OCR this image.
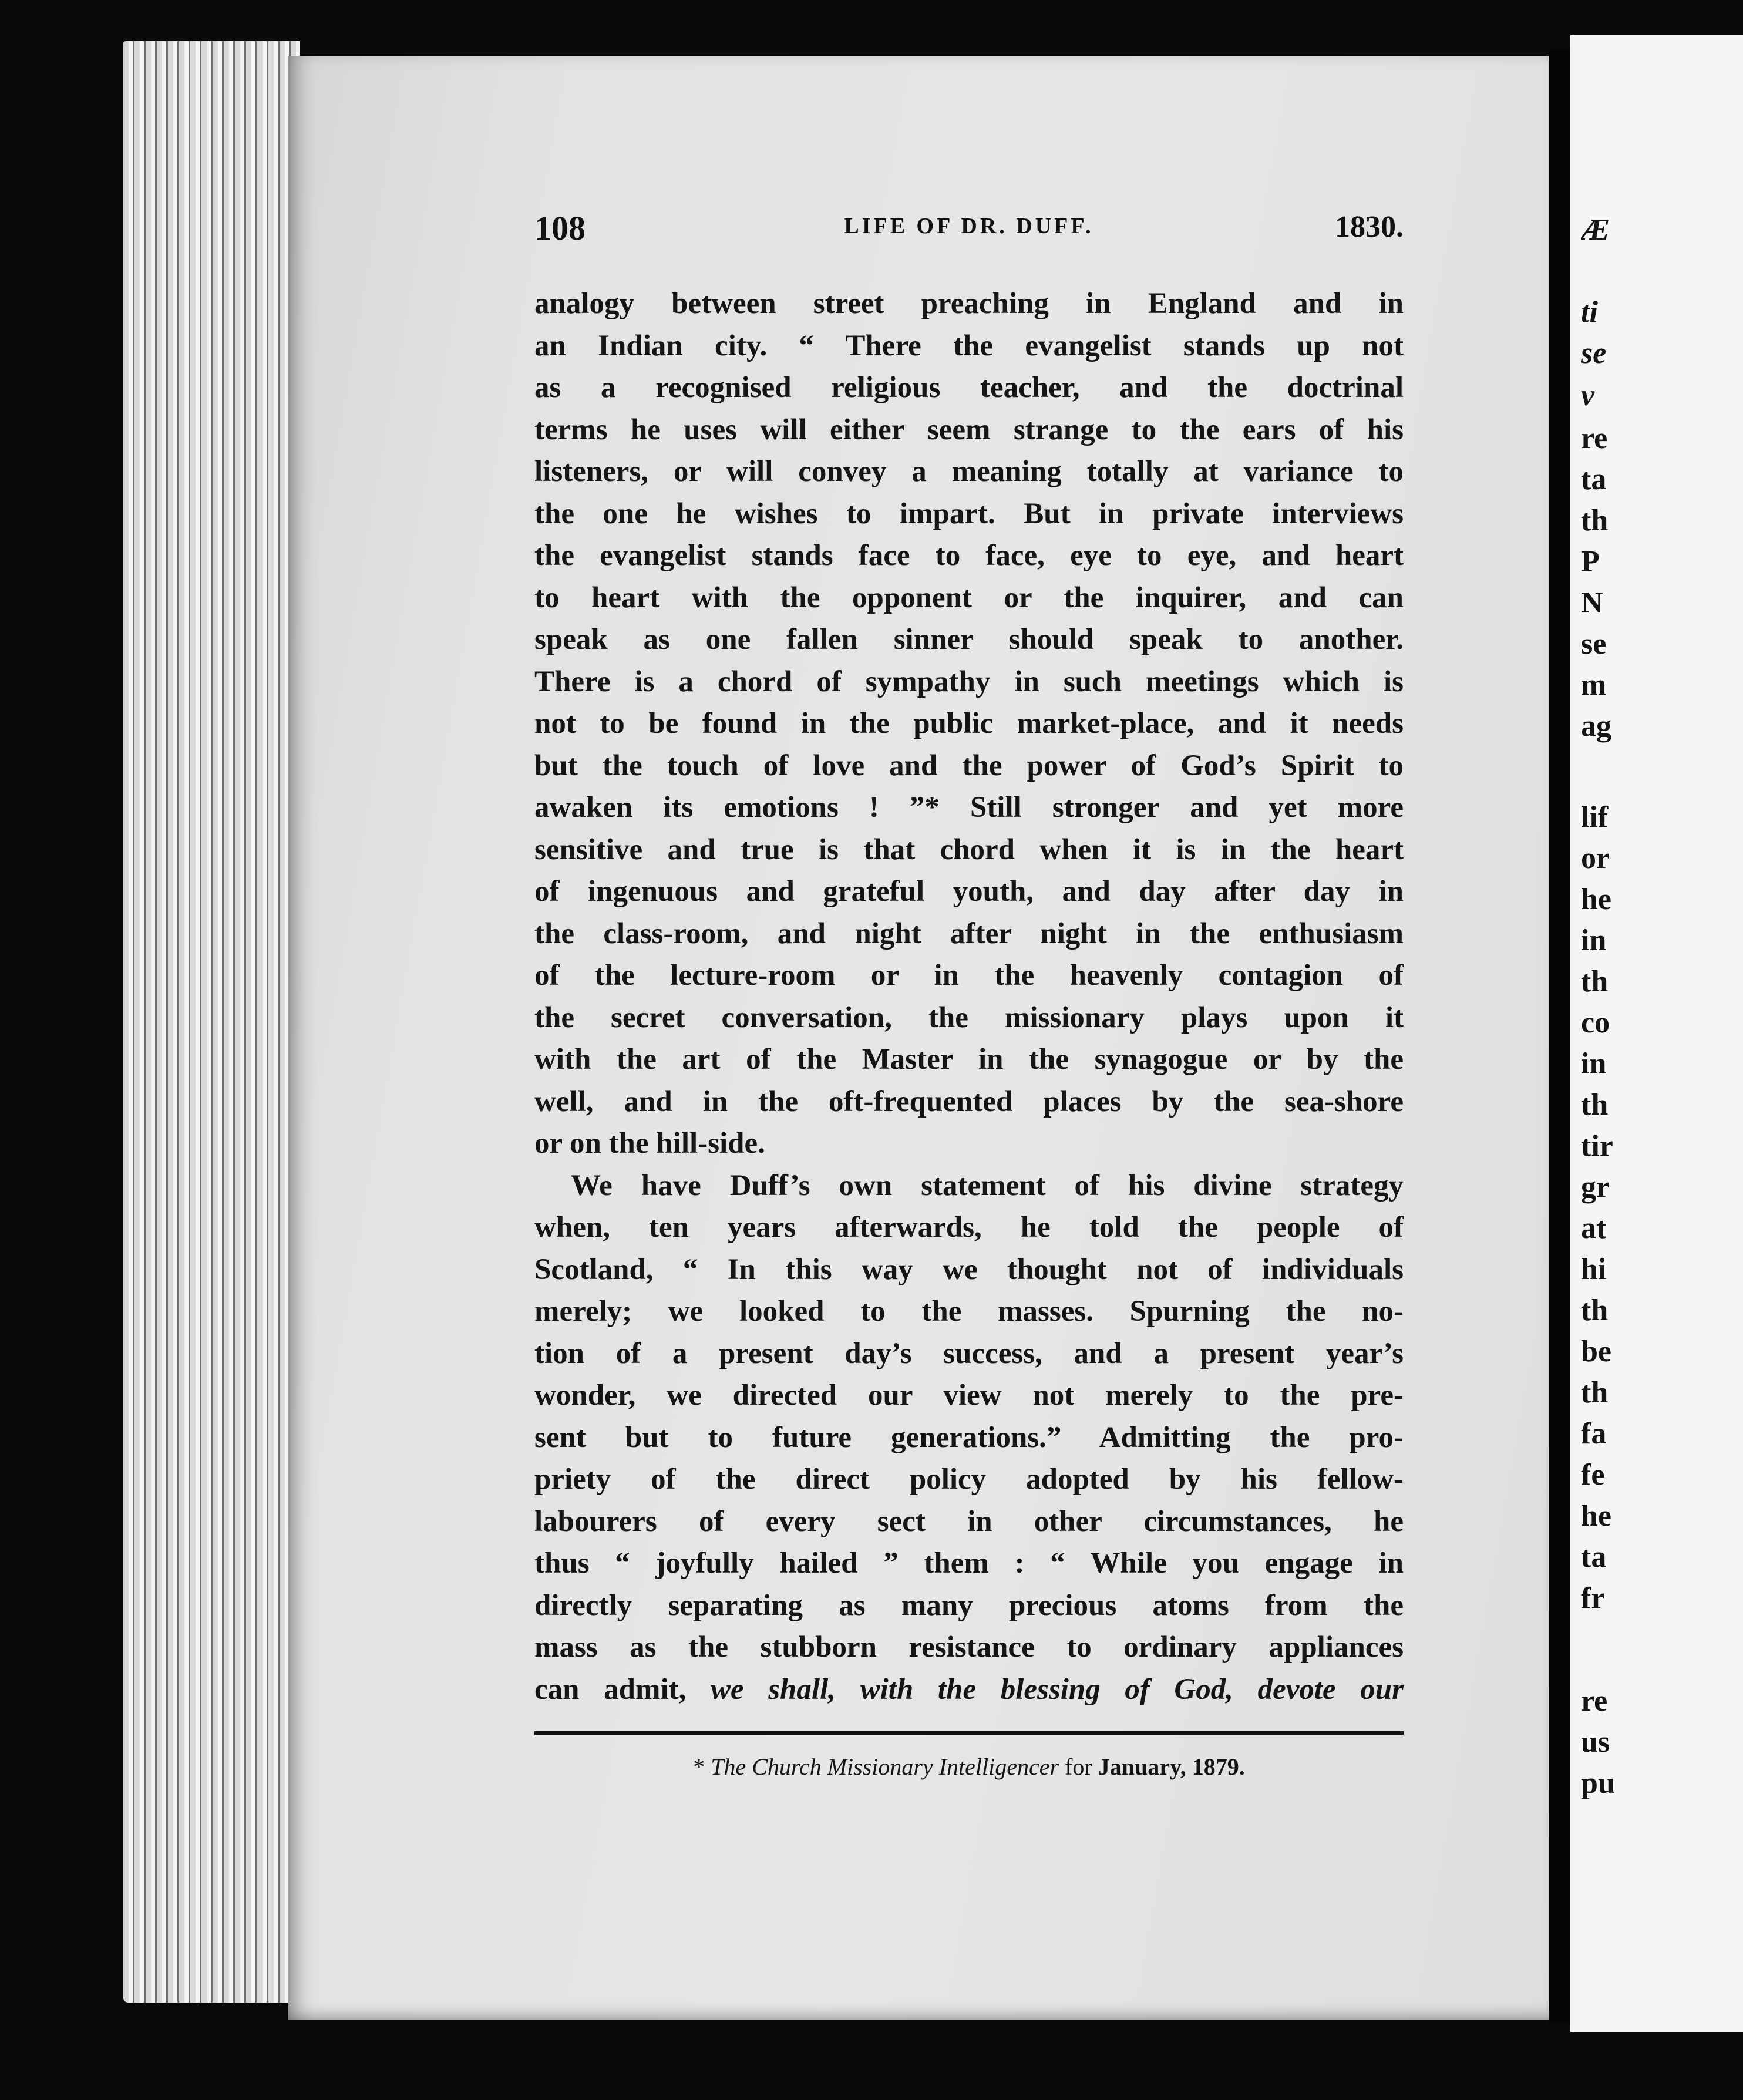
108	LIFE OF DR. DUFF.	1830.
analogy between street preaching in England and in
an Indian city. “ There the evangelist stands up not
as a recognised religious teacher, and the doctrinal
terms he uses will either seem strange to the ears of his
listeners, or will convey a meaning totally at variance to
the one he wishes to impart. But in private interviews
the evangelist stands face to face, eye to eye, and heart
to heart with the opponent or the inquirer, and can
speak as one fallen sinner should speak to another.
There is a chord of sympathy in such meetings which is
not to be found in the public market-place, and it needs
but the touch of love and the power of God’s Spirit to
awaken its emotions ! ”* Still stronger and yet more
sensitive and true is that chord when it is in the heart
of ingenuous and grateful youth, and day after day in
the class-room, and night after night in the enthusiasm
of the lecture-room or in the heavenly contagion of
the secret conversation, the missionary plays upon it
with the art of the Master in the synagogue or by the
well, and in the oft-frequented places by the sea-shore
or on the hill-side.
We have Duff’s own statement of his divine strategy
when, ten years afterwards, he told the people of
Scotland, “ In this way we thought not of individuals
merely; we looked to the masses. Spurning the no-
tion of a present day’s success, and a present year’s
wonder, we directed our view not merely to the pre-
sent but to future generations.” Admitting the pro-
priety of the direct policy adopted by his fellow-
labourers of every sect in other circumstances, he
thus “ joyfully hailed ” them : “ While you engage in
directly separating as many precious atoms from the
mass as the stubborn resistance to ordinary appliances
can admit, we shall, with the blessing of God, devote our
* The Church Missionary Intelligencer for January, 1879.
Æ
ti
se
v
re
ta
th
P
N
se
m
ag
lif
or
he
in
th
co
in
th
tir
gr
at
hi
th
be
th
fa
fe
he
ta
fr
re
us
pu
